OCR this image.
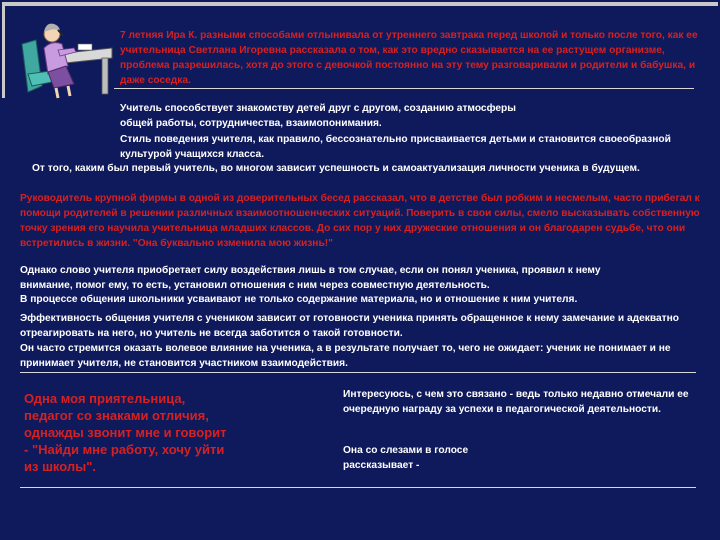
7 летняя Ира К. разными способами отлынивала от утреннего завтрака перед школой и только после того, как ее учительница Светлана Игоревна рассказала о том, как это вредно сказывается на ее растущем организме, проблема разрешилась, хотя до этого с девочкой постоянно на эту тему разговаривали и родители и бабушка, и даже соседка.

Учитель способствует знакомству детей друг с другом, созданию атмосферы общей работы, сотрудничества, взаимопонимания.

Стиль поведения учителя, как правило, бессознательно присваивается детьми и становится своеобразной культурой учащихся класса.

От того, каким был первый учитель, во многом зависит успешность и самоактуализация личности ученика в будущем.

Руководитель крупной фирмы в одной из доверительных бесед рассказал, что в детстве был робким и несмелым, часто прибегал к помощи родителей в решении различных взаимоотношенческих ситуаций. Поверить в свои силы, смело высказывать собственную точку зрения его научила учительница младших классов. До сих пор у них дружеские отношения и он благодарен судьбе, что они встретились в жизни. "Она буквально изменила мою жизнь!"

Однако слово учителя приобретает силу воздействия лишь в том случае, если он понял ученика, проявил к нему внимание, помог ему, то есть, установил отношения с ним через совместную деятельность.

В процессе общения школьники усваивают не только содержание материала, но и отношение к ним учителя.

Эффективность общения учителя с учеником зависит от готовности ученика принять обращенное к нему замечание и адекватно отреагировать на него, но учитель не всегда заботится о такой готовности.

Он часто стремится оказать волевое влияние на ученика, а в результате получает то, чего не ожидает: ученик не понимает и не принимает учителя, не становится участником взаимодействия.

Одна моя приятельница, педагог со знаками отличия, однажды звонит мне и говорит - "Найди мне работу, хочу уйти из школы".

Интересуюсь, с чем это связано - ведь только недавно отмечали ее очередную награду за успехи в педагогической деятельности.

Она со слезами в голосе рассказывает -
